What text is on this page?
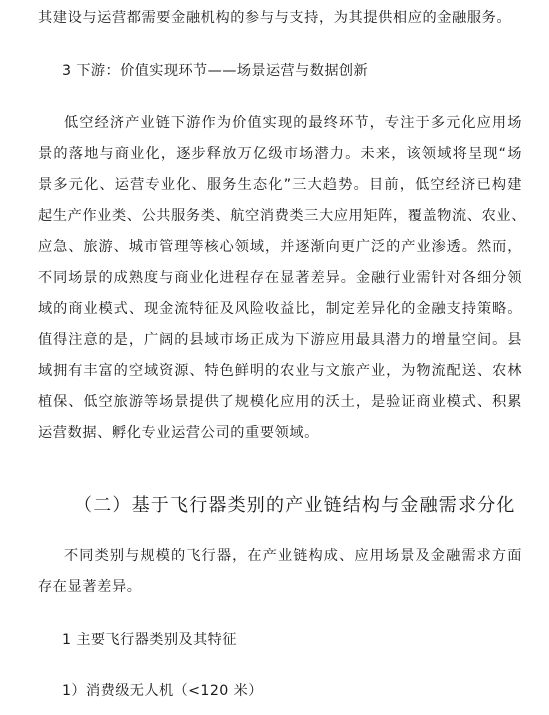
其建设与运营都需要金融机构的参与与支持，为其提供相应的金融服务。
3 下游：价值实现环节——场景运营与数据创新
低空经济产业链下游作为价值实现的最终环节，专注于多元化应用场
景的落地与商业化，逐步释放万亿级市场潜力。未来，该领域将呈现“场
景多元化、运营专业化、服务生态化”三大趋势。目前，低空经济已构建
起生产作业类、公共服务类、航空消费类三大应用矩阵，覆盖物流、农业、
应急、旅游、城市管理等核心领域，并逐渐向更广泛的产业渗透。然而，
不同场景的成熟度与商业化进程存在显著差异。金融行业需针对各细分领
域的商业模式、现金流特征及风险收益比，制定差异化的金融支持策略。
值得注意的是，广阔的县域市场正成为下游应用最具潜力的增量空间。县
域拥有丰富的空域资源、特色鲜明的农业与文旅产业，为物流配送、农林
植保、低空旅游等场景提供了规模化应用的沃土，是验证商业模式、积累
运营数据、孵化专业运营公司的重要领域。
（二）基于飞行器类别的产业链结构与金融需求分化
不同类别与规模的飞行器，在产业链构成、应用场景及金融需求方面
存在显著差异。
1 主要飞行器类别及其特征
1）消费级无人机（<120 米）
